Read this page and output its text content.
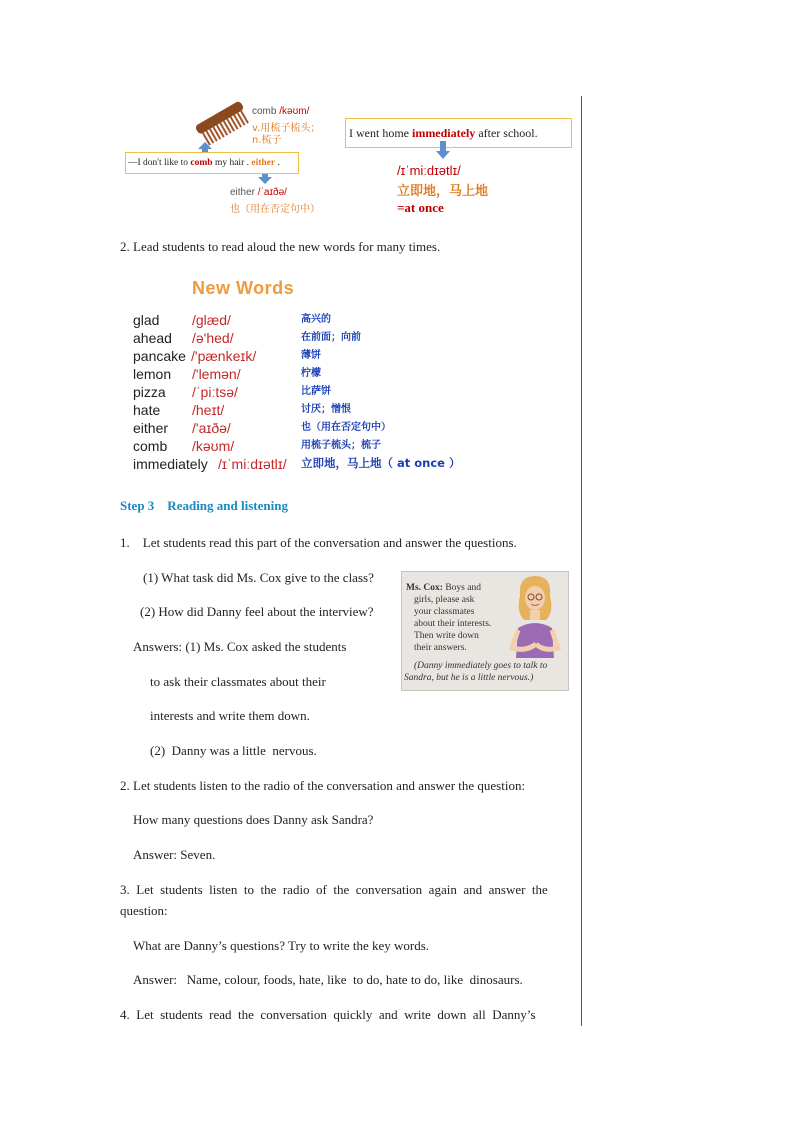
comb /kəʊm/
v.用梳子梳头；
n.梳子
—I don't like to comb my hair . either .
either /ˈaɪðə/
也（用在否定句中）
I went home immediately after school.
/ɪˈmiːdɪətlɪ/
立即地，马上地
=at once
2. Lead students to read aloud the new words for many times.
New Words
glad /glæd/	高兴的
ahead /ə'hed/	在前面；向前
pancake /'pænkeɪk/	薄饼
lemon /'lemən/	柠檬
pizza /ˈpiːtsə/	比萨饼
hate /heɪt/	讨厌；憎恨
either /'aɪðə/	也（用在否定句中）
comb /kəʊm/	用梳子梳头；梳子
immediately /ɪˈmiːdɪətlɪ/ 立即地，马上地（ at once ）
Step 3    Reading and listening
1.    Let students read this part of the conversation and answer the questions.
(1) What task did Ms. Cox give to the class?
(2) How did Danny feel about the interview?
Answers: (1) Ms. Cox asked the students
to ask their classmates about their
interests and write them down.
(2)  Danny was a little  nervous.
Ms. Cox: Boys and
girls, please ask
your classmates
about their interests.
Then write down
their answers.
(Danny immediately goes to talk to
Sandra, but he is a little nervous.)
2. Let students listen to the radio of the conversation and answer the question:
How many questions does Danny ask Sandra?
Answer: Seven.
3.  Let  students  listen  to  the  radio  of  the  conversation  again  and  answer  the
question:
What are Danny’s questions? Try to write the key words.
Answer:   Name, colour, foods, hate, like  to do, hate to do, like  dinosaurs.
4.  Let  students  read  the  conversation  quickly  and  write  down  all  Danny’s
